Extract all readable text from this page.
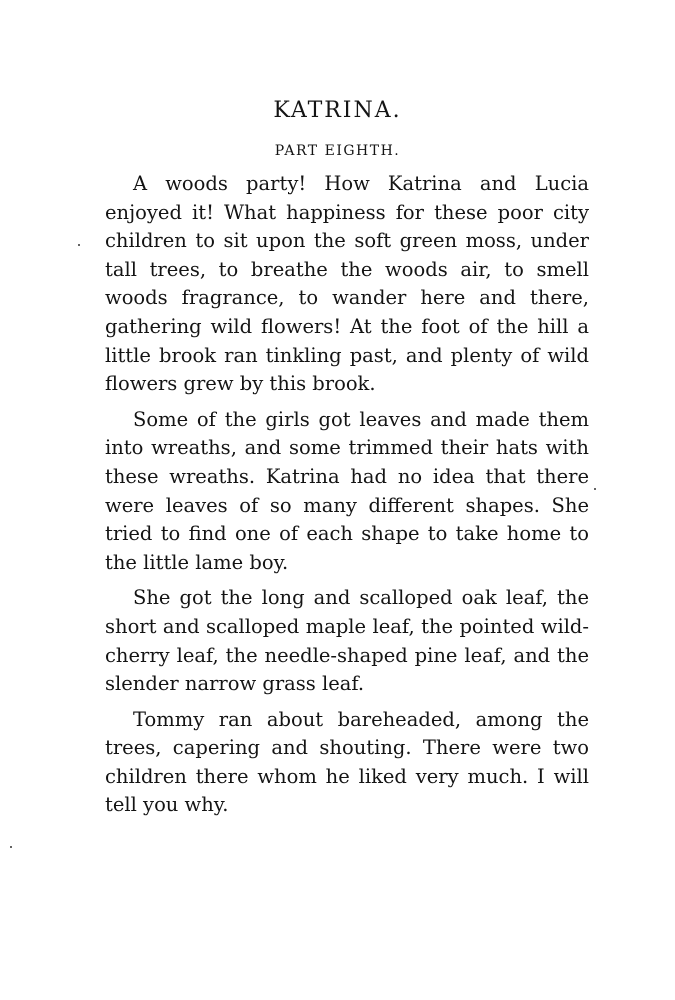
KATRINA.
PART EIGHTH.

A woods party! How Katrina and Lucia enjoyed it! What happiness for these poor city children to sit upon the soft green moss, under tall trees, to breathe the woods air, to smell woods fragrance, to wander here and there, gathering wild flowers! At the foot of the hill a little brook ran tinkling past, and plenty of wild flowers grew by this brook.

Some of the girls got leaves and made them into wreaths, and some trimmed their hats with these wreaths. Katrina had no idea that there were leaves of so many different shapes. She tried to find one of each shape to take home to the little lame boy.

She got the long and scalloped oak leaf, the short and scalloped maple leaf, the pointed wild-cherry leaf, the needle-shaped pine leaf, and the slender narrow grass leaf.

Tommy ran about bareheaded, among the trees, capering and shouting. There were two children there whom he liked very much. I will tell you why.
